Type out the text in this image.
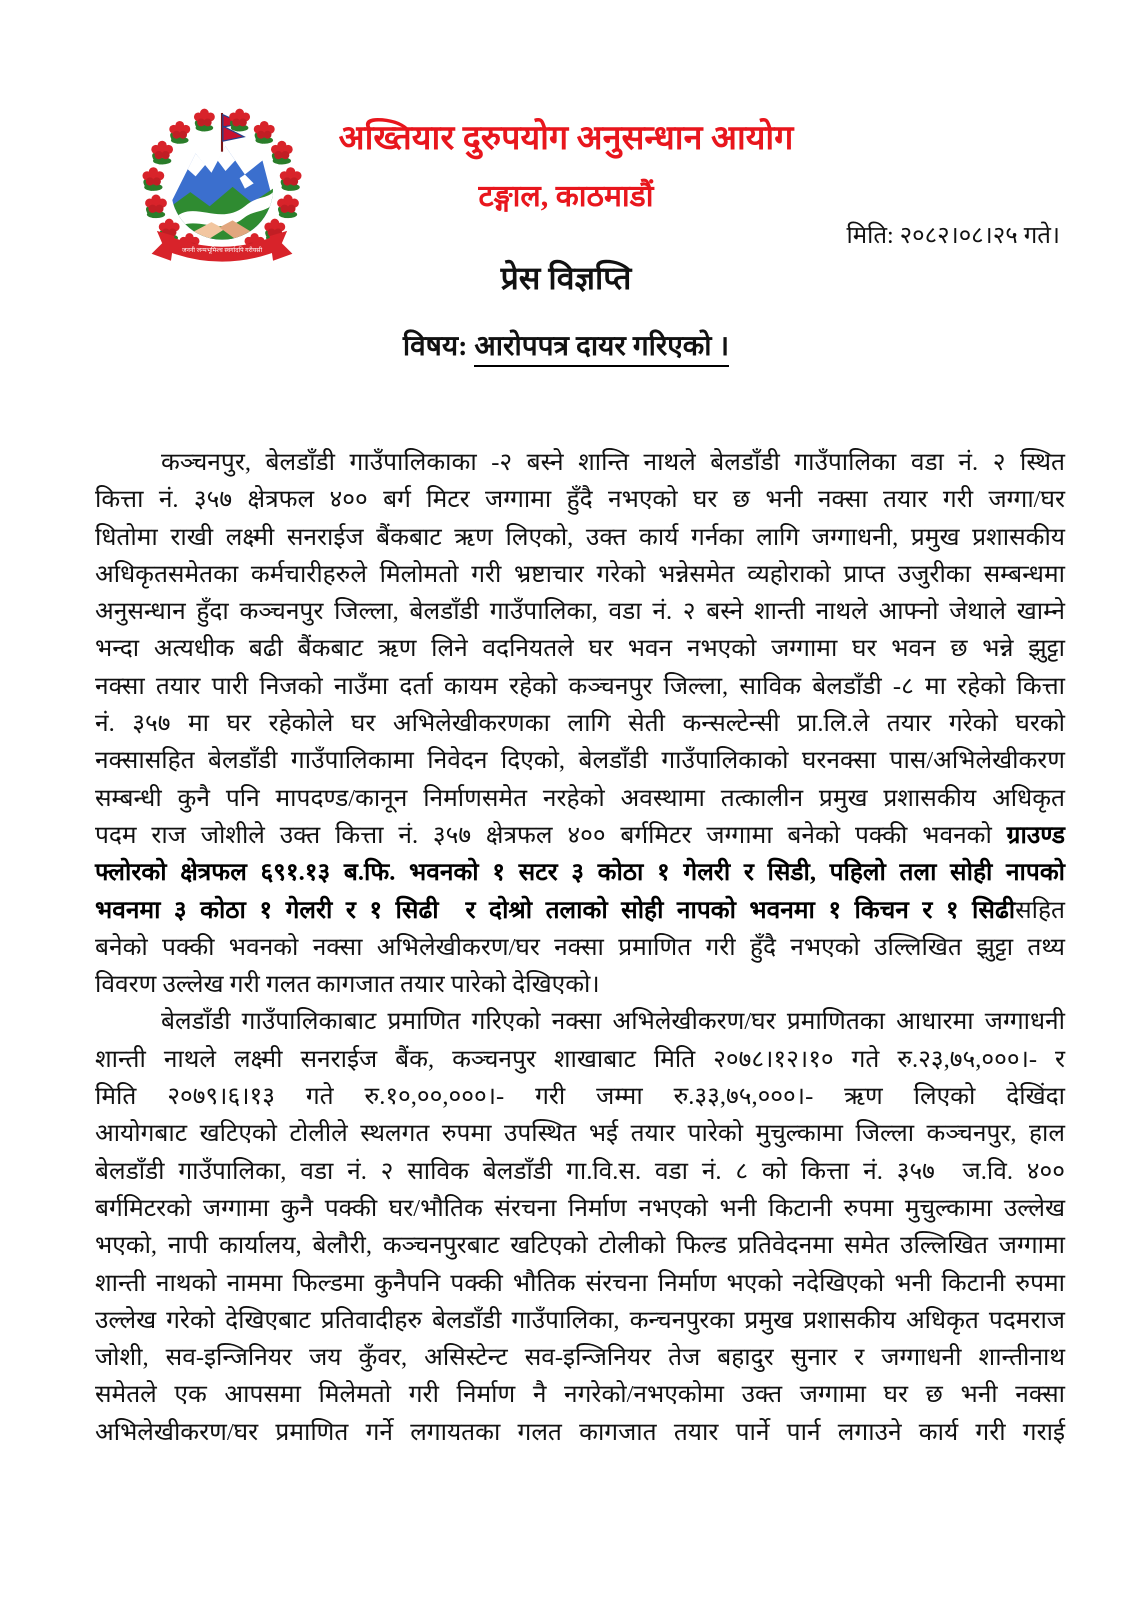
जननी जन्मभूमिश्च स्वर्गादपि गरीयसी
अख्तियार दुरुपयोग अनुसन्धान आयोग
टङ्गाल, काठमाडौं
मिति: २०८२।०८।२५ गते।
प्रेस विज्ञप्ति
विषय: आरोपपत्र दायर गरिएको ।
कञ्चनपुर, बेलडाँडी गाउँपालिकाका -२ बस्ने शान्ति नाथले बेलडाँडी गाउँपालिका वडा नं. २ स्थित
कित्ता नं. ३५७ क्षेत्रफल ४०० बर्ग मिटर जग्गामा हुँदै नभएको घर छ भनी नक्सा तयार गरी जग्गा/घर
धितोमा राखी लक्ष्मी सनराईज बैंकबाट ऋण लिएको, उक्त कार्य गर्नका लागि जग्गाधनी, प्रमुख प्रशासकीय
अधिकृतसमेतका कर्मचारीहरुले मिलोमतो गरी भ्रष्टाचार गरेको भन्नेसमेत व्यहोराको प्राप्त उजुरीका सम्बन्धमा
अनुसन्धान हुँदा कञ्चनपुर जिल्ला, बेलडाँडी गाउँपालिका, वडा नं. २ बस्ने शान्ती नाथले आफ्नो जेथाले खाम्ने
भन्दा अत्यधीक बढी बैंकबाट ऋण लिने वदनियतले घर भवन नभएको जग्गामा घर भवन छ भन्ने झुट्टा
नक्सा तयार पारी निजको नाउँमा दर्ता कायम रहेको कञ्चनपुर जिल्ला, साविक बेलडाँडी -८ मा रहेको कित्ता
नं. ३५७ मा घर रहेकोले घर अभिलेखीकरणका लागि सेती कन्सल्टेन्सी प्रा.लि.ले तयार गरेको घरको
नक्सासहित बेलडाँडी गाउँपालिकामा निवेदन दिएको, बेलडाँडी गाउँपालिकाको घरनक्सा पास/अभिलेखीकरण
सम्बन्धी कुनै पनि मापदण्ड/कानून निर्माणसमेत नरहेको अवस्थामा तत्कालीन प्रमुख प्रशासकीय अधिकृत
पदम राज जोशीले उक्त कित्ता नं. ३५७ क्षेत्रफल ४०० बर्गमिटर जग्गामा बनेको पक्की भवनको ग्राउण्ड
फ्लोरको क्षेत्रफल ६९१.१३ ब.फि. भवनको १ सटर ३ कोठा १ गेलरी र सिडी, पहिलो तला सोही नापको
भवनमा ३ कोठा १ गेलरी र १ सिढी  र दोश्रो तलाको सोही नापको भवनमा १ किचन र १ सिढीसहित
बनेको पक्की भवनको नक्सा अभिलेखीकरण/घर नक्सा प्रमाणित गरी हुँदै नभएको उल्लिखित झुट्टा तथ्य
विवरण उल्लेख गरी गलत कागजात तयार पारेको देखिएको।
बेलडाँडी गाउँपालिकाबाट प्रमाणित गरिएको नक्सा अभिलेखीकरण/घर प्रमाणितका आधारमा जग्गाधनी
शान्ती नाथले लक्ष्मी सनराईज बैंक, कञ्चनपुर शाखाबाट मिति २०७८।१२।१० गते रु.२३,७५,०००।- र
मिति २०७९।६।१३ गते रु.१०,००,०००।- गरी जम्मा रु.३३,७५,०००।- ऋण लिएको देखिंदा
आयोगबाट खटिएको टोलीले स्थलगत रुपमा उपस्थित भई तयार पारेको मुचुल्कामा जिल्ला कञ्चनपुर, हाल
बेलडाँडी गाउँपालिका, वडा नं. २ साविक बेलडाँडी गा.वि.स. वडा नं. ८ को कित्ता नं. ३५७  ज.वि. ४००
बर्गमिटरको जग्गामा कुनै पक्की घर/भौतिक संरचना निर्माण नभएको भनी किटानी रुपमा मुचुल्कामा उल्लेख
भएको, नापी कार्यालय, बेलौरी, कञ्चनपुरबाट खटिएको टोलीको फिल्ड प्रतिवेदनमा समेत उल्लिखित जग्गामा
शान्ती नाथको नाममा फिल्डमा कुनैपनि पक्की भौतिक संरचना निर्माण भएको नदेखिएको भनी किटानी रुपमा
उल्लेख गरेको देखिएबाट प्रतिवादीहरु बेलडाँडी गाउँपालिका, कन्चनपुरका प्रमुख प्रशासकीय अधिकृत पदमराज
जोशी, सव-इन्जिनियर जय कुँवर, असिस्टेन्ट सव-इन्जिनियर तेज बहादुर सुनार र जग्गाधनी शान्तीनाथ
समेतले एक आपसमा मिलेमतो गरी निर्माण नै नगरेको/नभएकोमा उक्त जग्गामा घर छ भनी नक्सा
अभिलेखीकरण/घर प्रमाणित गर्ने लगायतका गलत कागजात तयार पार्ने पार्न लगाउने कार्य गरी गराई
